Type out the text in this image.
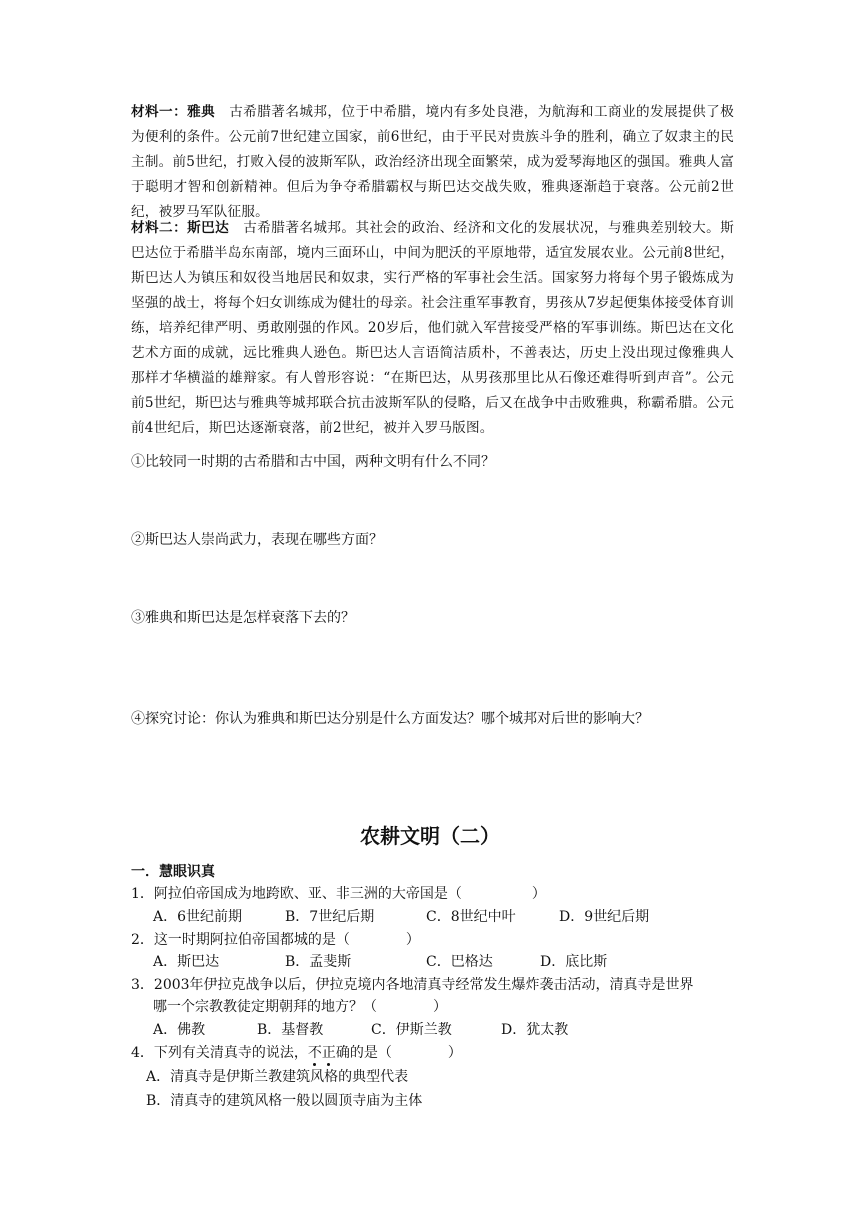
材料一：雅典　 古希腊著名城邦，位于中希腊，境内有多处良港，为航海和工商业的发展提供了极为便利的条件。公元前7世纪建立国家，前6世纪，由于平民对贵族斗争的胜利，确立了奴隶主的民主制。前5世纪，打败入侵的波斯军队，政治经济出现全面繁荣，成为爱琴海地区的强国。雅典人富于聪明才智和创新精神。但后为争夺希腊霸权与斯巴达交战失败，雅典逐渐趋于衰落。公元前2世纪，被罗马军队征服。
材料二：斯巴达　 古希腊著名城邦。其社会的政治、经济和文化的发展状况，与雅典差别较大。斯巴达位于希腊半岛东南部，境内三面环山，中间为肥沃的平原地带，适宜发展农业。公元前8世纪，斯巴达人为镇压和奴役当地居民和奴隶，实行严格的军事社会生活。国家努力将每个男子锻炼成为坚强的战士，将每个妇女训练成为健壮的母亲。社会注重军事教育，男孩从7岁起便集体接受体育训练，培养纪律严明、勇敢刚强的作风。20岁后，他们就入军营接受严格的军事训练。斯巴达在文化艺术方面的成就，远比雅典人逊色。斯巴达人言语简洁质朴，不善表达，历史上没出现过像雅典人那样才华横溢的雄辩家。有人曾形容说：“在斯巴达，从男孩那里比从石像还难得听到声音”。公元前5世纪，斯巴达与雅典等城邦联合抗击波斯军队的侵略，后又在战争中击败雅典，称霸希腊。公元前4世纪后，斯巴达逐渐衰落，前2世纪，被并入罗马版图。
①比较同一时期的古希腊和古中国，两种文明有什么不同？
②斯巴达人崇尚武力，表现在哪些方面？
③雅典和斯巴达是怎样衰落下去的？
④探究讨论：你认为雅典和斯巴达分别是什么方面发达？哪个城邦对后世的影响大？
农耕文明（二）
一．慧眼识真
1．阿拉伯帝国成为地跨欧、亚、非三洲的大帝国是（　　　　　）
A．6世纪前期	B．7世纪后期	C．8世纪中叶	D．9世纪后期
2．这一时期阿拉伯帝国都城的是（　　　　）
A．斯巴达	B．孟斐斯	C．巴格达	D．底比斯
3．2003年伊拉克战争以后，伊拉克境内各地清真寺经常发生爆炸袭击活动，清真寺是世界
哪一个宗教教徒定期朝拜的地方？（　　　　）
A．佛教	B．基督教	C．伊斯兰教	D．犹太教
4．下列有关清真寺的说法，不正确的是（　　　　）
A．清真寺是伊斯兰教建筑风格的典型代表
B．清真寺的建筑风格一般以圆顶寺庙为主体
